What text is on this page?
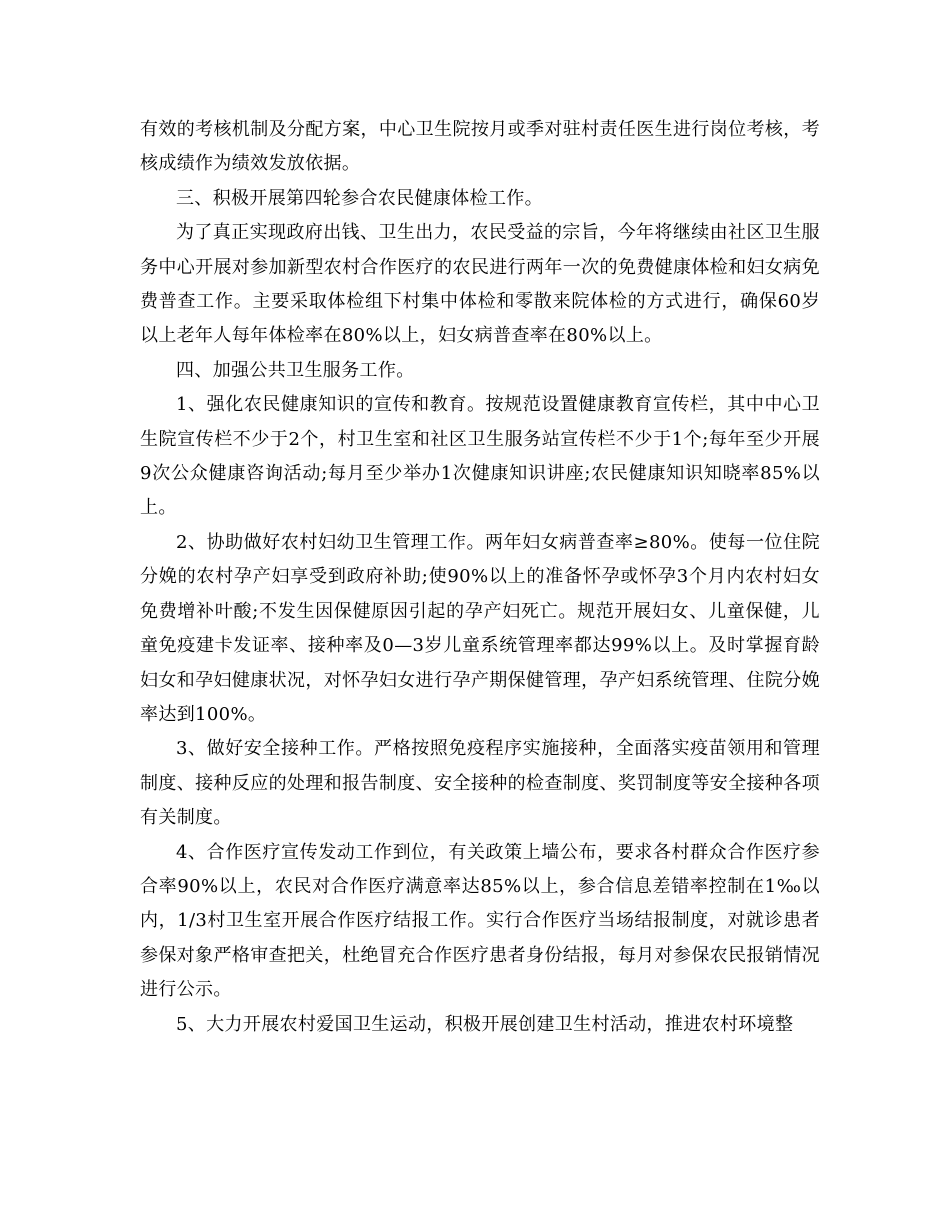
有效的考核机制及分配方案，中心卫生院按月或季对驻村责任医生进行岗位考核，考核成绩作为绩效发放依据。

三、积极开展第四轮参合农民健康体检工作。

为了真正实现政府出钱、卫生出力，农民受益的宗旨，今年将继续由社区卫生服务中心开展对参加新型农村合作医疗的农民进行两年一次的免费健康体检和妇女病免费普查工作。主要采取体检组下村集中体检和零散来院体检的方式进行，确保60岁以上老年人每年体检率在80%以上，妇女病普查率在80%以上。

四、加强公共卫生服务工作。

1、强化农民健康知识的宣传和教育。按规范设置健康教育宣传栏，其中中心卫生院宣传栏不少于2个，村卫生室和社区卫生服务站宣传栏不少于1个;每年至少开展9次公众健康咨询活动;每月至少举办1次健康知识讲座;农民健康知识知晓率85%以上。

2、协助做好农村妇幼卫生管理工作。两年妇女病普查率≥80%。使每一位住院分娩的农村孕产妇享受到政府补助;使90%以上的准备怀孕或怀孕3个月内农村妇女免费增补叶酸;不发生因保健原因引起的孕产妇死亡。规范开展妇女、儿童保健，儿童免疫建卡发证率、接种率及0—3岁儿童系统管理率都达99%以上。及时掌握育龄妇女和孕妇健康状况，对怀孕妇女进行孕产期保健管理，孕产妇系统管理、住院分娩率达到100%。

3、做好安全接种工作。严格按照免疫程序实施接种，全面落实疫苗领用和管理制度、接种反应的处理和报告制度、安全接种的检查制度、奖罚制度等安全接种各项有关制度。

4、合作医疗宣传发动工作到位，有关政策上墙公布，要求各村群众合作医疗参合率90%以上，农民对合作医疗满意率达85%以上，参合信息差错率控制在1‰以内，1/3村卫生室开展合作医疗结报工作。实行合作医疗当场结报制度，对就诊患者参保对象严格审查把关，杜绝冒充合作医疗患者身份结报，每月对参保农民报销情况进行公示。

5、大力开展农村爱国卫生运动，积极开展创建卫生村活动，推进农村环境整
